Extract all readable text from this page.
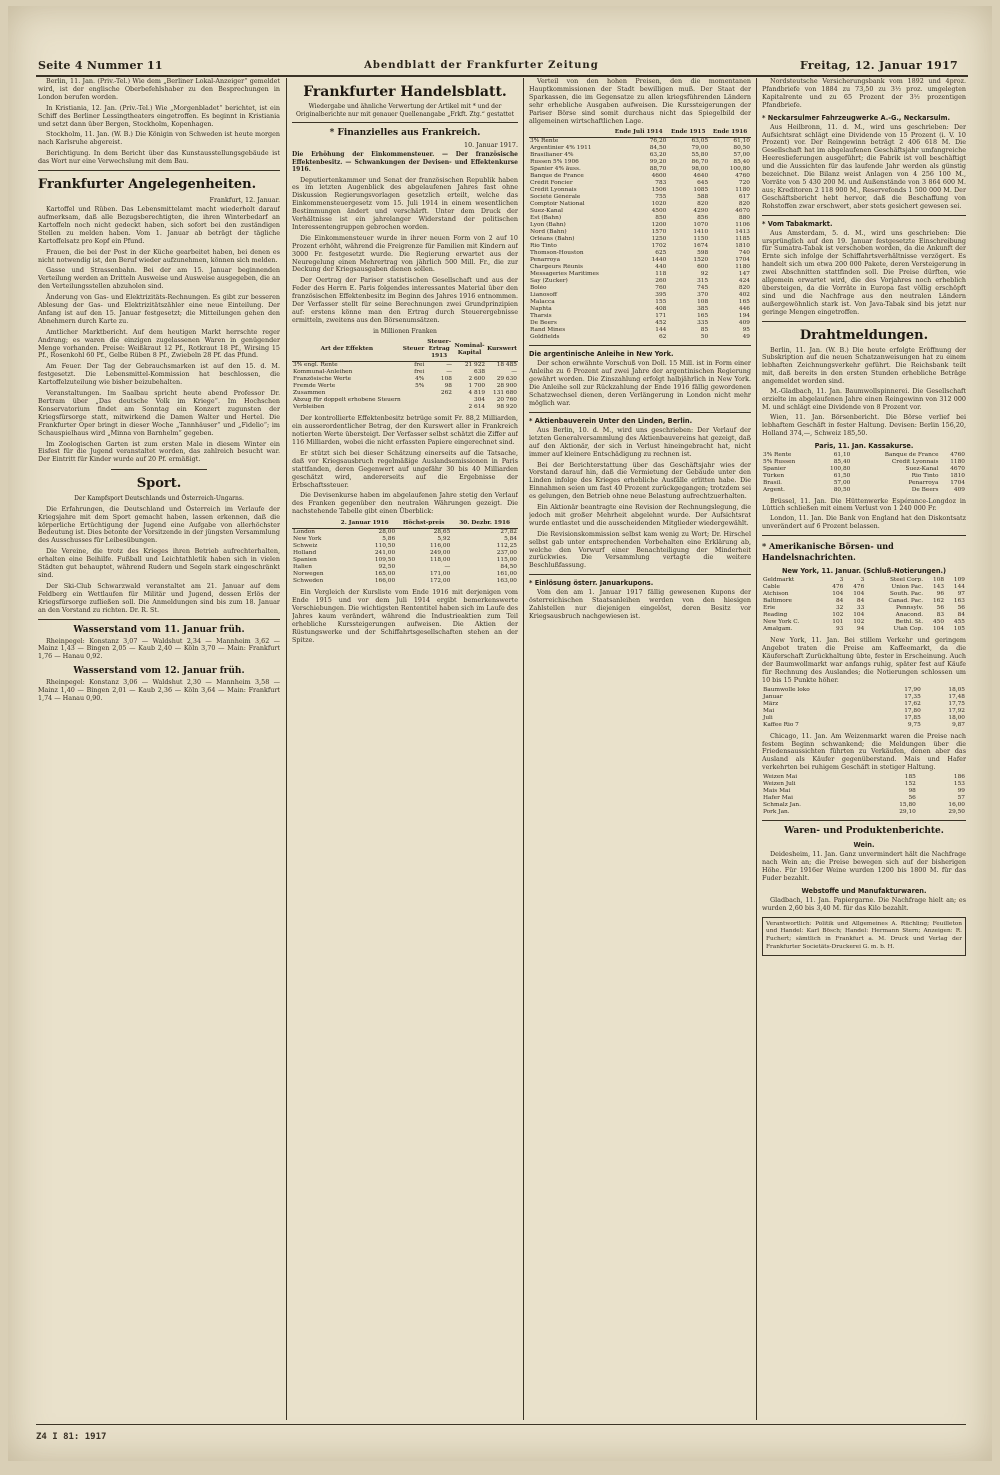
Seite 4 Nummer 11	Abendblatt der Frankfurter Zeitung	Freitag, 12. Januar 1917

Berlin, 11. Jan. (Priv.-Tel.) Wie dem „Berliner Lokal-Anzeiger“ gemeldet wird, ist der englische Oberbefehlshaber zu den Besprechungen in London berufen worden.

In Kristiania, 12. Jan. (Priv.-Tel.) Wie „Morgenbladet“ berichtet, ist ein Schiff des Berliner Lessingtheaters eingetroffen. Es beginnt in Kristiania und setzt dann über Bergen, Stockholm, Kopenhagen.

Stockholm, 11. Jan. (W. B.) Die Königin von Schweden ist heute morgen nach Karlsruhe abgereist.

Berichtigung. In dem Bericht über das Kunstausstellungsgebäude ist das Wort nur eine Verwechslung mit dem Bau.

Frankfurter Angelegenheiten.
Frankfurt, 12. Januar.

Kartoffel und Rüben. Das Lebensmittelamt macht wiederholt darauf aufmerksam, daß alle Bezugsberechtigten, die ihren Winterbedarf an Kartoffeln noch nicht gedeckt haben, sich sofort bei den zuständigen Stellen zu melden haben. Vom 1. Januar ab beträgt der tägliche Kartoffelsatz pro Kopf ein Pfund.

Frauen, die bei der Post in der Küche gearbeitet haben, bei denen es nicht notwendig ist, den Beruf wieder aufzunehmen, können sich melden.

Gasse und Strassenbahn. Bei der am 15. Januar beginnenden Verteilung werden an Dritteln Ausweise und Ausweise ausgegeben, die an den Verteilungsstellen abzuholen sind.

Änderung von Gas- und Elektrizitäts-Rechnungen. Es gibt zur besseren Ablesung der Gas- und Elektrizitätszähler eine neue Einteilung. Der Anfang ist auf den 15. Januar festgesetzt; die Mitteilungen gehen den Abnehmern durch Karte zu.

Amtlicher Marktbericht. Auf dem heutigen Markt herrschte reger Andrang; es waren die einzigen zugelassenen Waren in genügender Menge vorhanden. Preise: Weißkraut 12 Pf., Rotkraut 18 Pf., Wirsing 15 Pf., Rosenkohl 60 Pf., Gelbe Rüben 8 Pf., Zwiebeln 28 Pf. das Pfund.

Am Feuer. Der Tag der Gebrauchsmarken ist auf den 15. d. M. festgesetzt. Die Lebensmittel-Kommission hat beschlossen, die Kartoffelzuteilung wie bisher beizubehalten.

Veranstaltungen. Im Saalbau spricht heute abend Professor Dr. Bertram über „Das deutsche Volk im Kriege“. Im Hochschen Konservatorium findet am Sonntag ein Konzert zugunsten der Kriegsfürsorge statt, mitwirkend die Damen Walter und Hertel. Die Frankfurter Oper bringt in dieser Woche „Tannhäuser“ und „Fidelio“; im Schauspielhaus wird „Minna von Barnhelm“ gegeben.

Im Zoologischen Garten ist zum ersten Male in diesem Winter ein Eisfest für die Jugend veranstaltet worden, das zahlreich besucht war. Der Eintritt für Kinder wurde auf 20 Pf. ermäßigt.

Sport.
Der Kampfsport Deutschlands und Österreich-Ungarns.

Die Erfahrungen, die Deutschland und Österreich im Verlaufe der Kriegsjahre mit dem Sport gemacht haben, lassen erkennen, daß die körperliche Ertüchtigung der Jugend eine Aufgabe von allerhöchster Bedeutung ist. Dies betonte der Vorsitzende in der jüngsten Versammlung des Ausschusses für Leibesübungen.

Die Vereine, die trotz des Krieges ihren Betrieb aufrechterhalten, erhalten eine Beihilfe. Fußball und Leichtathletik haben sich in vielen Städten gut behauptet, während Rudern und Segeln stark eingeschränkt sind.

Der Ski-Club Schwarzwald veranstaltet am 21. Januar auf dem Feldberg ein Wettlaufen für Militär und Jugend, dessen Erlös der Kriegsfürsorge zufließen soll. Die Anmeldungen sind bis zum 18. Januar an den Vorstand zu richten. Dr. R. St.

Wasserstand vom 11. Januar früh.

Rheinpegel: Konstanz 3,07 — Waldshut 2,34 — Mannheim 3,62 — Mainz 1,43 — Bingen 2,05 — Kaub 2,40 — Köln 3,70 — Main: Frankfurt 1,76 — Hanau 0,92.

Wasserstand vom 12. Januar früh.

Rheinpegel: Konstanz 3,06 — Waldshut 2,30 — Mannheim 3,58 — Mainz 1,40 — Bingen 2,01 — Kaub 2,36 — Köln 3,64 — Main: Frankfurt 1,74 — Hanau 0,90.

Frankfurter Handelsblatt.
Wiedergabe und ähnliche Verwertung der Artikel mit * und der Originalberichte nur mit genauer Quellenangabe „Frkft. Ztg.“ gestattet
* Finanzielles aus Frankreich.
10. Januar 1917.
Die Erhöhung der Einkommensteuer. — Der französische Effektenbesitz. — Schwankungen der Devisen- und Effektenkurse 1916.

Deputiertenkammer und Senat der französischen Republik haben es im letzten Augenblick des abgelaufenen Jahres fast ohne Diskussion Regierungsvorlagen gesetzlich erteilt, welche das Einkommensteuergesetz vom 15. Juli 1914 in einem wesentlichen Bestimmungen ändert und verschärft. Unter dem Druck der Verhältnisse ist ein jahrelanger Widerstand der politischen Interessentengruppen gebrochen worden.

Die Einkommensteuer wurde in ihrer neuen Form von 2 auf 10 Prozent erhöht, während die Freigrenze für Familien mit Kindern auf 3000 Fr. festgesetzt wurde. Die Regierung erwartet aus der Neuregelung einen Mehrertrag von jährlich 500 Mill. Fr., die zur Deckung der Kriegsausgaben dienen sollen.

Der Oertrag der Pariser statistischen Gesellschaft und aus der Feder des Herrn E. Paris folgendes interessantes Material über den französischen Effektenbesitz im Beginn des Jahres 1916 entnommen. Der Verfasser stellt für seine Berechnungen zwei Grundprinzipien auf: erstens könne man den Ertrag durch Steuerergebnisse ermitteln, zweitens aus den Börsenumsätzen.

in Millionen Franken
Art der Effekten	Steuer	Steuer-Ertrag 1913	Nominal-Kapital	Kurswert
3% engl. Rente	frei	—	21 922	18 485
Kommunal-Anleihen	frei	—	638	—
Französische Werte	4%	108	2 600	29 630
Fremde Werte	5%	98	1 700	28 900
Zusammen		262	4 819	131 680
Abzug für doppelt erhobene Steuern			304	20 760
Verbleiben			2 614	98 920

Der kontrollierte Effektenbesitz betrüge somit Fr. 88,2 Milliarden, ein ausserordentlicher Betrag, der den Kurswert aller in Frankreich notierten Werte übersteigt. Der Verfasser selbst schätzt die Ziffer auf 116 Milliarden, wobei die nicht erfassten Papiere eingerechnet sind.

Er stützt sich bei dieser Schätzung einerseits auf die Tatsache, daß vor Kriegsausbruch regelmäßige Auslandsemissionen in Paris stattfanden, deren Gegenwert auf ungefähr 30 bis 40 Milliarden geschätzt wird, andererseits auf die Ergebnisse der Erbschaftssteuer.

Die Devisenkurse haben im abgelaufenen Jahre stetig den Verlauf des Franken gegenüber den neutralen Währungen gezeigt. Die nachstehende Tabelle gibt einen Überblick:

	2. Januar 1916	Höchst-preis	30. Dezbr. 1916
London	28,00	28,65	27,82
New York	5,86	5,92	5,84
Schweiz	110,50	116,00	112,25
Holland	241,00	249,00	237,00
Spanien	109,50	118,00	115,00
Italien	92,50	—	84,50
Norwegen	165,00	171,00	161,00
Schweden	166,00	172,00	163,00

Ein Vergleich der Kursliste vom Ende 1916 mit derjenigen vom Ende 1915 und vor dem Juli 1914 ergibt bemerkenswerte Verschiebungen. Die wichtigsten Rententitel haben sich im Laufe des Jahres kaum verändert, während die Industrieaktien zum Teil erhebliche Kurssteigerungen aufweisen. Die Aktien der Rüstungswerke und der Schiffahrtsgesellschaften stehen an der Spitze.

Verteil von den hohen Preisen, den die momentanen Hauptkommissionen der Stadt bewilligen muß. Der Staat der Sparkassen, die im Gegensatze zu allen kriegsführenden Ländern sehr erhebliche Ausgaben aufweisen. Die Kurssteigerungen der Pariser Börse sind somit durchaus nicht das Spiegelbild der allgemeinen wirtschaftlichen Lage.

	Ende Juli 1914	Ende 1915	Ende 1916
3% Rente	76,20	63,05	61,10
Argentinier 4% 1911	84,50	79,00	80,50
Brasilianer 4%	63,20	55,80	57,00
Russen 5% 1906	99,20	86,70	85,40
Spanier 4% äuss.	88,70	98,00	100,80
Banque de France	4600	4640	4760
Crédit Foncier	783	645	720
Crédit Lyonnais	1506	1085	1180
Société Générale	755	588	617
Comptoir National	1020	820	820
Suez-Kanal	4500	4290	4670
Est (Bahn)	850	856	880
Lyon (Bahn)	1200	1070	1106
Nord (Bahn)	1570	1410	1413
Orléans (Bahn)	1250	1150	1185
Rio Tinto	1702	1674	1810
Thomson-Houston	625	598	740
Penarroya	1440	1520	1704
Chargeurs Réunis	440	600	1180
Messageries Maritimes	118	92	147
Say (Zucker)	260	315	424
Boléo	760	745	820
Lianosoff	395	370	402
Malacca	155	108	165
Naphta	408	385	446
Tharsis	171	165	194
De Beers	452	335	409
Rand Mines	144	85	95
Goldfields	62	50	49
Die argentinische Anleihe in New York.

Der schon erwähnte Vorschuß von Doll. 15 Mill. ist in Form einer Anleihe zu 6 Prozent auf zwei Jahre der argentinischen Regierung gewährt worden. Die Zinszahlung erfolgt halbjährlich in New York. Die Anleihe soll zur Rückzahlung der Ende 1916 fällig gewordenen Schatzwechsel dienen, deren Verlängerung in London nicht mehr möglich war.

* Aktienbauverein Unter den Linden, Berlin.

Aus Berlin, 10. d. M., wird uns geschrieben: Der Verlauf der letzten Generalversammlung des Aktienbauvereins hat gezeigt, daß auf den Aktionär, der sich in Verlust hineingebracht hat, nicht immer auf kleinere Entschädigung zu rechnen ist.

Bei der Berichterstattung über das Geschäftsjahr wies der Vorstand darauf hin, daß die Vermietung der Gebäude unter den Linden infolge des Krieges erhebliche Ausfälle erlitten habe. Die Einnahmen seien um fast 40 Prozent zurückgegangen; trotzdem sei es gelungen, den Betrieb ohne neue Belastung aufrechtzuerhalten.

Ein Aktionär beantragte eine Revision der Rechnungslegung, die jedoch mit großer Mehrheit abgelehnt wurde. Der Aufsichtsrat wurde entlastet und die ausscheidenden Mitglieder wiedergewählt.

Die Revisionskommission selbst kam wenig zu Wort; Dr. Hirschel selbst gab unter entsprechenden Vorbehalten eine Erklärung ab, welche den Vorwurf einer Benachteiligung der Minderheit zurückwies. Die Versammlung vertagte die weitere Beschlußfassung.

* Einlösung österr. Januarkupons.

Vom den am 1. Januar 1917 fällig gewesenen Kupons der österreichischen Staatsanleihen werden von den hiesigen Zahlstellen nur diejenigen eingelöst, deren Besitz vor Kriegsausbruch nachgewiesen ist.

Nordsteutsche Versicherungsbank vom 1892 und 4proz. Pfandbriefe von 1884 zu 73,50 zu 3½ proz. umgelegten Kapitalrente und zu 65 Prozent der 3½ prozentigen Pfandbriefe.

* Neckarsulmer Fahrzeugwerke A.-G., Neckarsulm.

Aus Heilbronn, 11. d. M., wird uns geschrieben: Der Aufsichtsrat schlägt eine Dividende von 15 Prozent (i. V. 10 Prozent) vor. Der Reingewinn beträgt 2 406 618 M. Die Gesellschaft hat im abgelaufenen Geschäftsjahr umfangreiche Heereslieferungen ausgeführt; die Fabrik ist voll beschäftigt und die Aussichten für das laufende Jahr werden als günstig bezeichnet. Die Bilanz weist Anlagen von 4 256 100 M., Vorräte von 5 430 200 M. und Außenstände von 3 864 600 M. aus; Kreditoren 2 118 900 M., Reservefonds 1 500 000 M. Der Geschäftsbericht hebt hervor, daß die Beschaffung von Rohstoffen zwar erschwert, aber stets gesichert gewesen sei.

* Vom Tabakmarkt.

Aus Amsterdam, 5. d. M., wird uns geschrieben: Die ursprünglich auf den 19. Januar festgesetzte Einschreibung für Sumatra-Tabak ist verschoben worden, da die Ankunft der Ernte sich infolge der Schiffahrtsverhältnisse verzögert. Es handelt sich um etwa 200 000 Pakete, deren Versteigerung in zwei Abschnitten stattfinden soll. Die Preise dürften, wie allgemein erwartet wird, die des Vorjahres noch erheblich übersteigen, da die Vorräte in Europa fast völlig erschöpft sind und die Nachfrage aus den neutralen Ländern außergewöhnlich stark ist. Von Java-Tabak sind bis jetzt nur geringe Mengen eingetroffen.

Drahtmeldungen.

Berlin, 11. Jan. (W. B.) Die heute erfolgte Eröffnung der Subskription auf die neuen Schatzanweisungen hat zu einem lebhaften Zeichnungsverkehr geführt. Die Reichsbank teilt mit, daß bereits in den ersten Stunden erhebliche Beträge angemeldet worden sind.

M.-Gladbach, 11. Jan. Baumwollspinnerei. Die Gesellschaft erzielte im abgelaufenen Jahre einen Reingewinn von 312 000 M. und schlägt eine Dividende von 8 Prozent vor.

Wien, 11. Jan. Börsenbericht. Die Börse verlief bei lebhaftem Geschäft in fester Haltung. Devisen: Berlin 156,20, Holland 374,—, Schweiz 185,50.

Paris, 11. Jan. Kassakurse.
3% Rente	61,10	Banque de France	4760
5% Russen	85,40	Crédit Lyonnais	1180
Spanier	100,80	Suez-Kanal	4670
Türken	61,50	Rio Tinto	1810
Brasil.	57,00	Penarroya	1704
Argent.	80,50	De Beers	409

Brüssel, 11. Jan. Die Hüttenwerke Espérance-Longdoz in Lüttich schließen mit einem Verlust von 1 240 000 Fr.

London, 11. Jan. Die Bank von England hat den Diskontsatz unverändert auf 6 Prozent belassen.

* Amerikanische Börsen- und Handelsnachrichten.
New York, 11. Januar. (Schluß-Notierungen.)
Geldmarkt	3	3	Steel Corp.	108	109
Cable	476	476	Union Pac.	143	144
Atchison	104	104	South. Pac.	96	97
Baltimore	84	84	Canad. Pac.	162	163
Erie	32	33	Pennsylv.	56	56
Reading	102	104	Anacond.	83	84
New York C.	101	102	Bethl. St.	450	455
Amalgam.	93	94	Utah Cop.	104	105

New York, 11. Jan. Bei stillem Verkehr und geringem Angebot traten die Preise am Kaffeemarkt, da die Käuferschaft Zurückhaltung übte, fester in Erscheinung. Auch der Baumwollmarkt war anfangs ruhig, später fest auf Käufe für Rechnung des Auslandes; die Notierungen schlossen um 10 bis 15 Punkte höher.

Baumwolle loko	17,90	18,05
Januar	17,35	17,48
März	17,62	17,75
Mai	17,80	17,92
Juli	17,85	18,00
Kaffee Rio 7	9,75	9,87

Chicago, 11. Jan. Am Weizenmarkt waren die Preise nach festem Beginn schwankend; die Meldungen über die Friedensaussichten führten zu Verkäufen, denen aber das Ausland als Käufer gegenüberstand. Mais und Hafer verkehrten bei ruhigem Geschäft in stetiger Haltung.

Weizen Mai	185	186
Weizen Juli	152	153
Mais Mai	98	99
Hafer Mai	56	57
Schmalz Jan.	15,80	16,00
Pork Jan.	29,10	29,50
Waren- und Produktenberichte.
Wein.

Deidesheim, 11. Jan. Ganz unvermindert hält die Nachfrage nach Wein an; die Preise bewegen sich auf der bisherigen Höhe. Für 1916er Weine wurden 1200 bis 1800 M. für das Fuder bezahlt.

Webstoffe und Manufakturwaren.

Gladbach, 11. Jan. Papiergarne. Die Nachfrage hielt an; es wurden 2,60 bis 3,40 M. für das Kilo bezahlt.

Verantwortlich: Politik und Allgemeines A. Rüchling; Feuilleton und Handel: Karl Bösch; Handel: Hermann Stern; Anzeigen: R. Fuchert; sämtlich in Frankfurt a. M. Druck und Verlag der Frankfurter Societäts-Druckerei G. m. b. H.

Z4 I 81: 1917
